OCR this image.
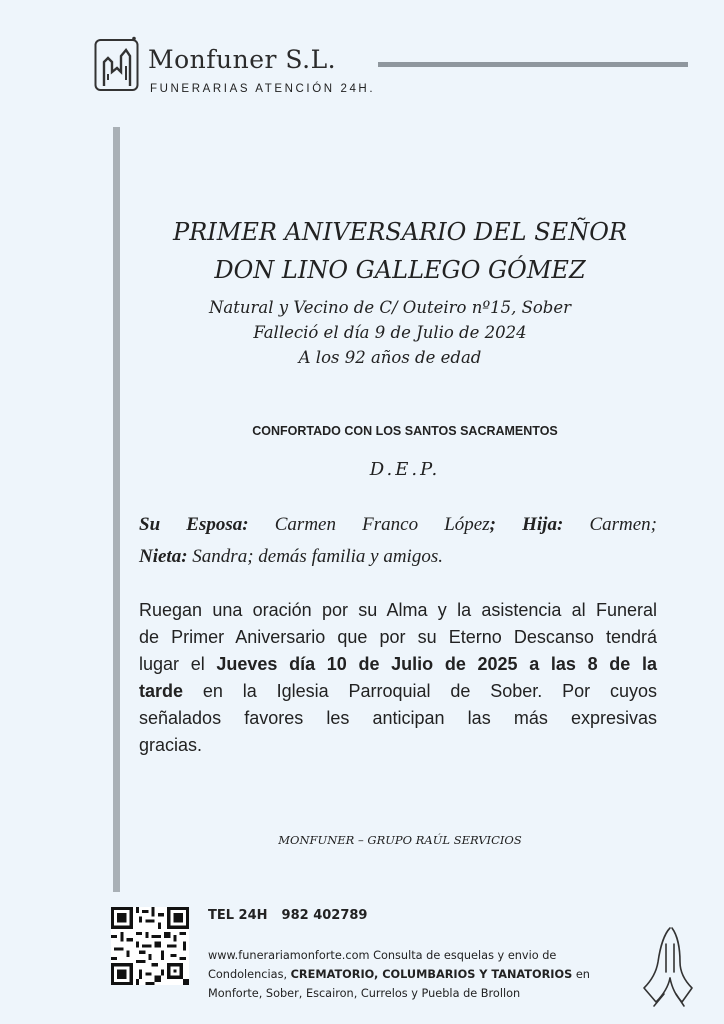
Monfuner S.L.
FUNERARIAS ATENCIÓN 24H.
PRIMER ANIVERSARIO DEL SEÑOR
DON LINO GALLEGO GÓMEZ
Natural y Vecino de C/ Outeiro nº15, Sober
Falleció el día 9 de Julio de 2024
A los 92 años de edad
CONFORTADO CON LOS SANTOS SACRAMENTOS
D.E.P.
Su Esposa: Carmen Franco López; Hija: Carmen;
Nieta: Sandra; demás familia y amigos.
Ruegan una oración por su Alma y la asistencia al Funeral
de Primer Aniversario que por su Eterno Descanso tendrá
lugar el Jueves día 10 de Julio de 2025 a las 8 de la
tarde en la Iglesia Parroquial de Sober. Por cuyos
señalados favores les anticipan las más expresivas
gracias.
MONFUNER – GRUPO RAÚL SERVICIOS
TEL 24H 982 402789
www.funerariamonforte.com Consulta de esquelas y envio de
Condolencias, CREMATORIO, COLUMBARIOS Y TANATORIOS en
Monforte, Sober, Escairon, Currelos y Puebla de Brollon
